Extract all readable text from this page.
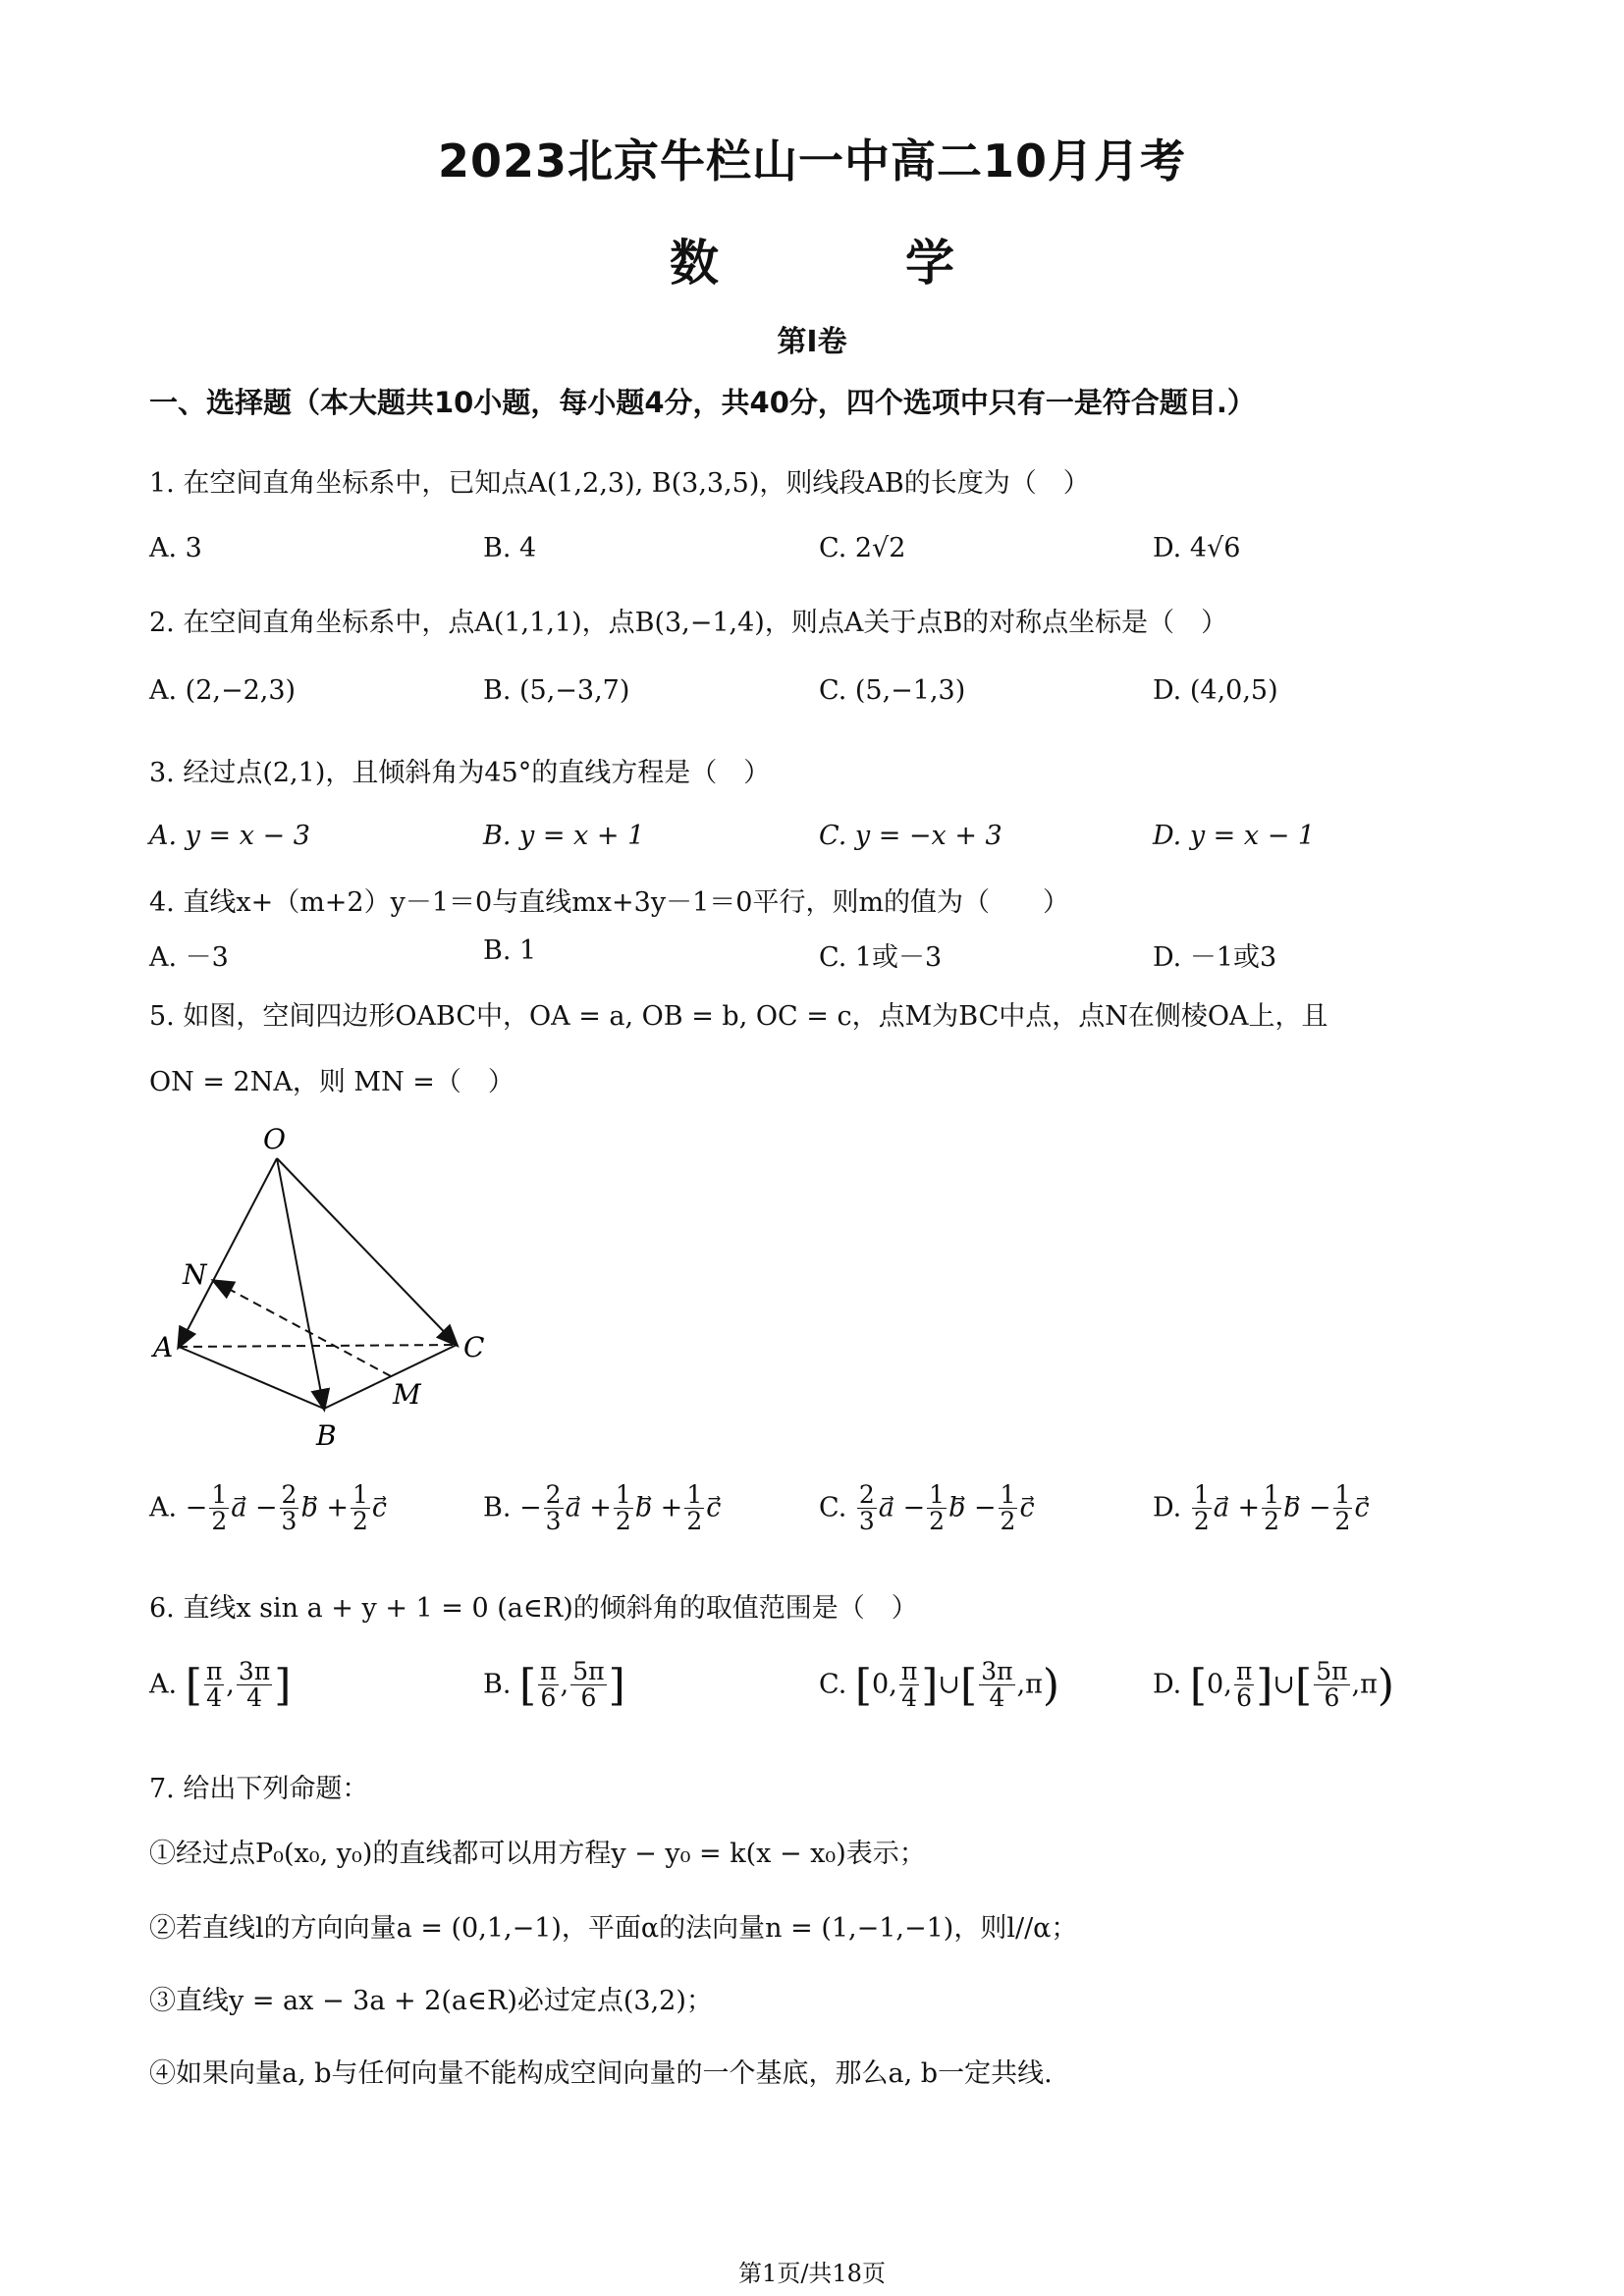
2023北京牛栏山一中高二10月月考
数　学
第I卷
一、选择题（本大题共10小题，每小题4分，共40分，四个选项中只有一是符合题目.）
1. 在空间直角坐标系中，已知点A(1,2,3), B(3,3,5)，则线段AB的长度为（　）
A. 3	B. 4	C. 2√2	D. 4√6
2. 在空间直角坐标系中，点A(1,1,1)，点B(3,−1,4)，则点A关于点B的对称点坐标是（　）
A. (2,−2,3)	B. (5,−3,7)	C. (5,−1,3)	D. (4,0,5)
3. 经过点(2,1)，且倾斜角为45°的直线方程是（　）
A. y = x − 3	B. y = x + 1	C. y = −x + 3	D. y = x − 1
4. 直线x+（m+2）y－1＝0与直线mx+3y－1＝0平行，则m的值为（　　）
A. －3	B. 1	C. 1或－3	D. －1或3
5. 如图，空间四边形OABC中，OA = a, OB = b, OC = c，点M为BC中点，点N在侧棱OA上，且
ON = 2NA，则 MN =（　）
O
N
A	C
M
B
A. − $\frac{1}{2}$ a⃗ − $\frac{2}{3}$ b⃗ + $\frac{1}{2}$ c	B. − $\frac{2}{3}$ a⃗ + $\frac{1}{2}$ b⃗ + $\frac{1}{2}$ c	C. $\frac{2}{3}$ a⃗ − $\frac{1}{2}$ b⃗ − $\frac{1}{2}$ c	D. $\frac{1}{2}$ a⃗ + $\frac{1}{2}$ b⃗ − $\frac{1}{2}$ c
6. 直线x sin a + y + 1 = 0 (a∈R)的倾斜角的取值范围是（　）
A. [ $\frac{\pi}{4}$ , $\frac{3\pi}{4}$ ]	B. [ $\frac{\pi}{6}$ , $\frac{5\pi}{6}$ ]	C. [0, $\frac{\pi}{4}$ ]∪[ $\frac{3\pi}{4} ,\pi$)	D. [0, $\frac{\pi}{6}$ ]∪[ $\frac{5\pi}{6} ,\pi$)
7. 给出下列命题：
①经过点P₀(x₀, y₀)的直线都可以用方程y − y₀ = k(x − x₀)表示；
②若直线l的方向向量a = (0,1,−1)，平面α的法向量n = (1,−1,−1)，则l//α；
③直线y = ax − 3a + 2(a∈R)必过定点(3,2)；
④如果向量a, b与任何向量不能构成空间向量的一个基底，那么a, b一定共线.
第1页/共18页
